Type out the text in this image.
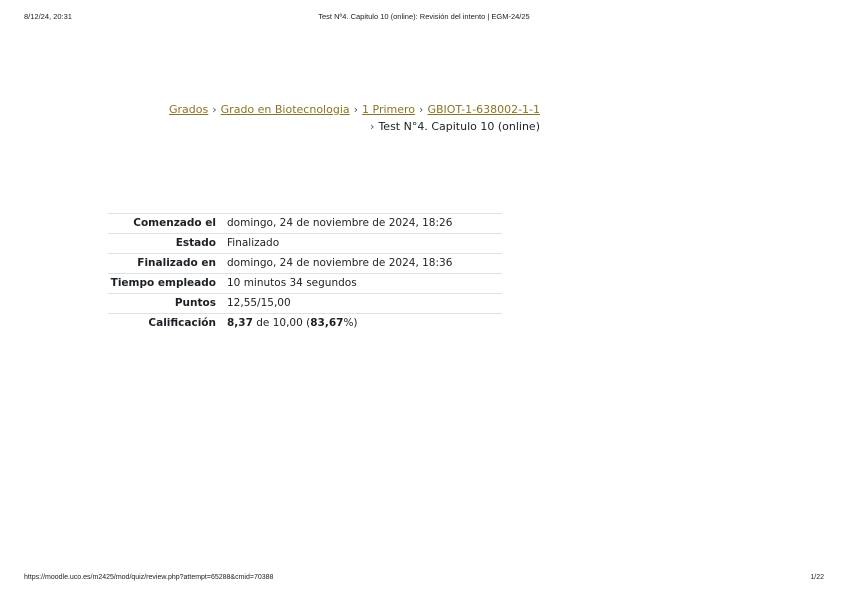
8/12/24, 20:31	Test Nº4. Capitulo 10 (online): Revisión del intento | EGM-24/25
Grados › Grado en Biotecnologia › 1 Primero › GBIOT-1-638002-1-1
› Test N°4. Capitulo 10 (online)
Comenzado el	domingo, 24 de noviembre de 2024, 18:26
Estado	Finalizado
Finalizado en	domingo, 24 de noviembre de 2024, 18:36
Tiempo empleado	10 minutos 34 segundos
Puntos	12,55/15,00
Calificación	8,37 de 10,00 (83,67%)
https://moodle.uco.es/m2425/mod/quiz/review.php?attempt=65288&cmid=70388	1/22
